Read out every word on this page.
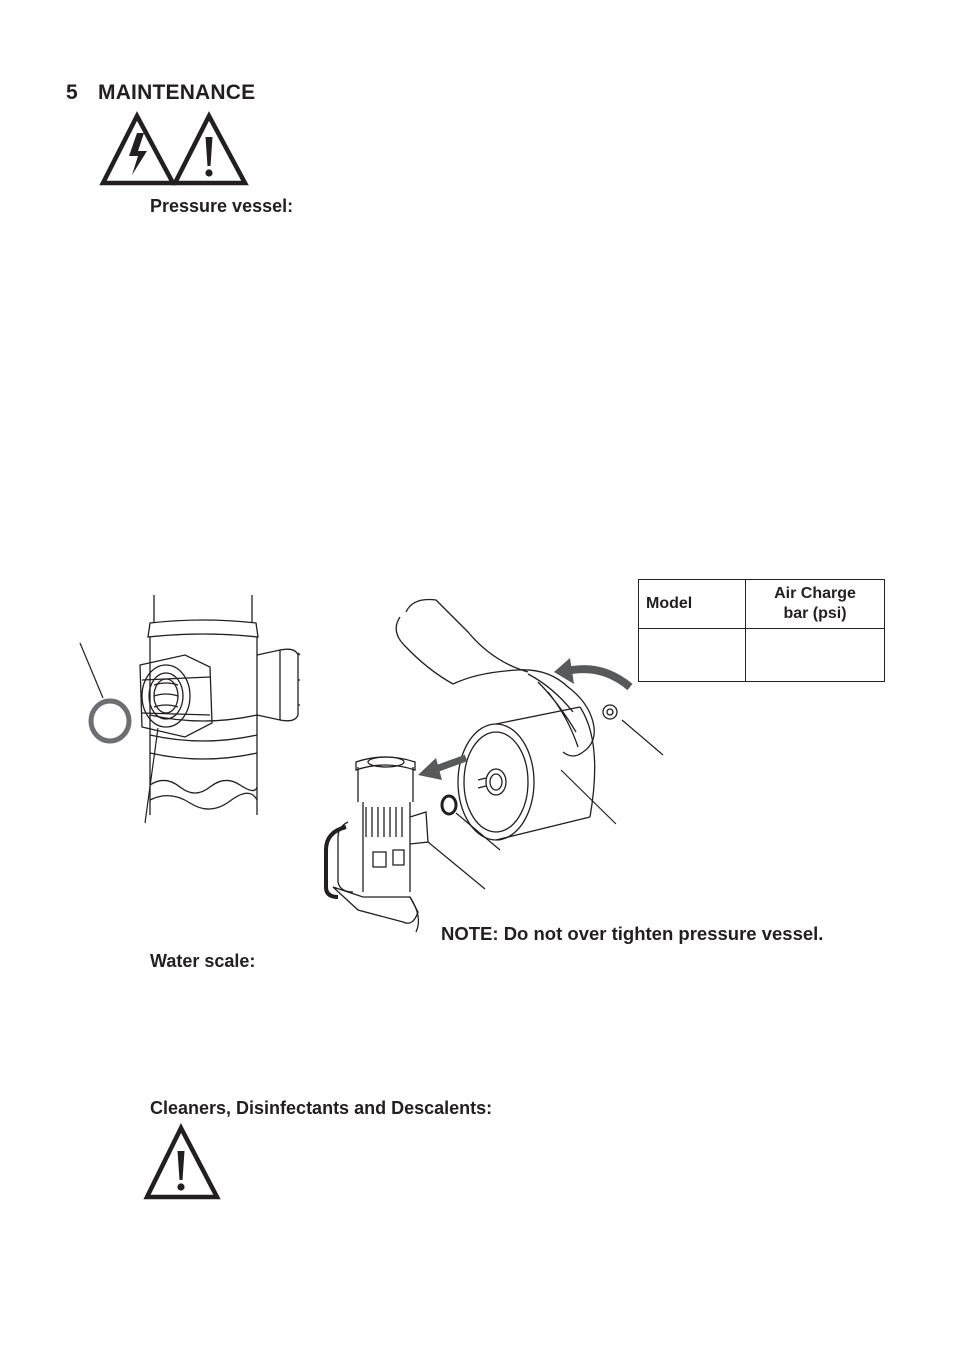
5 MAINTENANCE
Pressure vessel:
Model	Air Charge
bar (psi)

NOTE: Do not over tighten pressure vessel.
Water scale:
Cleaners, Disinfectants and Descalents:
